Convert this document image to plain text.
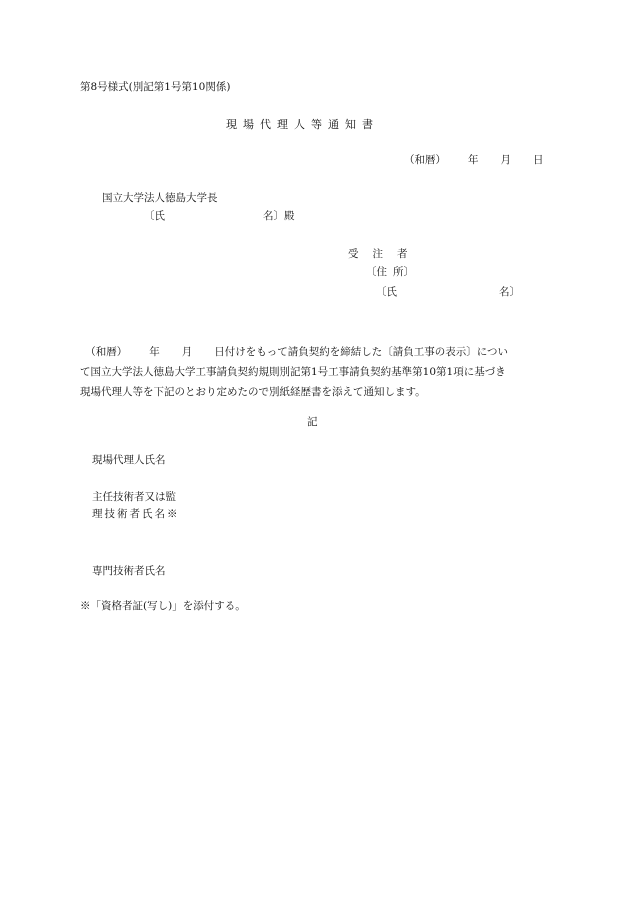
第8号様式(別記第1号第10関係)
現場代理人等通知書
（和暦） 年 月 日
国立大学法人徳島大学長
〔氏	名〕殿
受 注 者
〔住 所〕
〔氏	名〕
　（和暦） 年 月 日付けをもって請負契約を締結した〔請負工事の表示〕につい
て国立大学法人徳島大学工事請負契約規則別記第1号工事請負契約基準第10第1項に基づき
現場代理人等を下記のとおり定めたので別紙経歴書を添えて通知します。
記
現場代理人氏名
主任技術者又は監
理技術者氏名※
専門技術者氏名
※「資格者証(写し)」を添付する。
